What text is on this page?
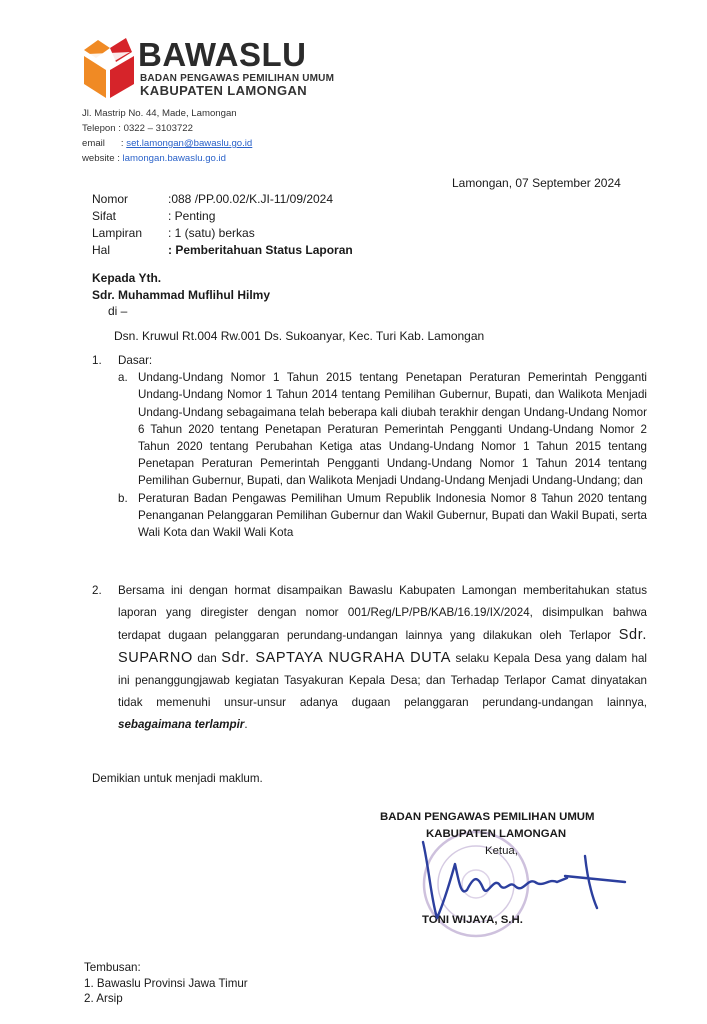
BAWASLU
BADAN PENGAWAS PEMILIHAN UMUM
KABUPATEN LAMONGAN
Jl. Mastrip No. 44, Made, Lamongan
Telepon : 0322 – 3103722
email      : set.lamongan@bawaslu.go.id
website : lamongan.bawaslu.go.id
Lamongan, 07 September 2024
Nomor	:088 /PP.00.02/K.JI-11/09/2024
Sifat	: Penting
Lampiran	: 1 (satu) berkas
Hal	: Pemberitahuan Status Laporan
Kepada Yth.
Sdr. Muhammad Muflihul Hilmy
di –
Dsn. Kruwul Rt.004 Rw.001 Ds. Sukoanyar, Kec. Turi Kab. Lamongan
1.	Dasar:
a. Undang-Undang Nomor 1 Tahun 2015 tentang Penetapan Peraturan Pemerintah Pengganti Undang-Undang Nomor 1 Tahun 2014 tentang Pemilihan Gubernur, Bupati, dan Walikota Menjadi Undang-Undang sebagaimana telah beberapa kali diubah terakhir dengan Undang-Undang Nomor 6 Tahun 2020 tentang Penetapan Peraturan Pemerintah Pengganti Undang-Undang Nomor 2 Tahun 2020 tentang Perubahan Ketiga atas Undang-Undang Nomor 1 Tahun 2015 tentang Penetapan Peraturan Pemerintah Pengganti Undang-Undang Nomor 1 Tahun 2014 tentang Pemilihan Gubernur, Bupati, dan Walikota Menjadi Undang-Undang Menjadi Undang-Undang; dan
b. Peraturan Badan Pengawas Pemilihan Umum Republik Indonesia Nomor 8 Tahun 2020 tentang Penanganan Pelanggaran Pemilihan Gubernur dan Wakil Gubernur, Bupati dan Wakil Bupati, serta Wali Kota dan Wakil Wali Kota
2.	Bersama ini dengan hormat disampaikan Bawaslu Kabupaten Lamongan memberitahukan status laporan yang diregister dengan nomor 001/Reg/LP/PB/KAB/16.19/IX/2024, disimpulkan bahwa terdapat dugaan pelanggaran perundang-undangan lainnya yang dilakukan oleh Terlapor Sdr. SUPARNO dan Sdr. SAPTAYA NUGRAHA DUTA selaku Kepala Desa yang dalam hal ini penanggungjawab kegiatan Tasyakuran Kepala Desa; dan Terhadap Terlapor Camat dinyatakan tidak memenuhi unsur-unsur adanya dugaan pelanggaran perundang-undangan lainnya, sebagaimana terlampir.
Demikian untuk menjadi maklum.
BADAN PENGAWAS PEMILIHAN UMUM
KABUPATEN LAMONGAN
Ketua,
TONI WIJAYA, S.H.
Tembusan:
1. Bawaslu Provinsi Jawa Timur
2. Arsip
